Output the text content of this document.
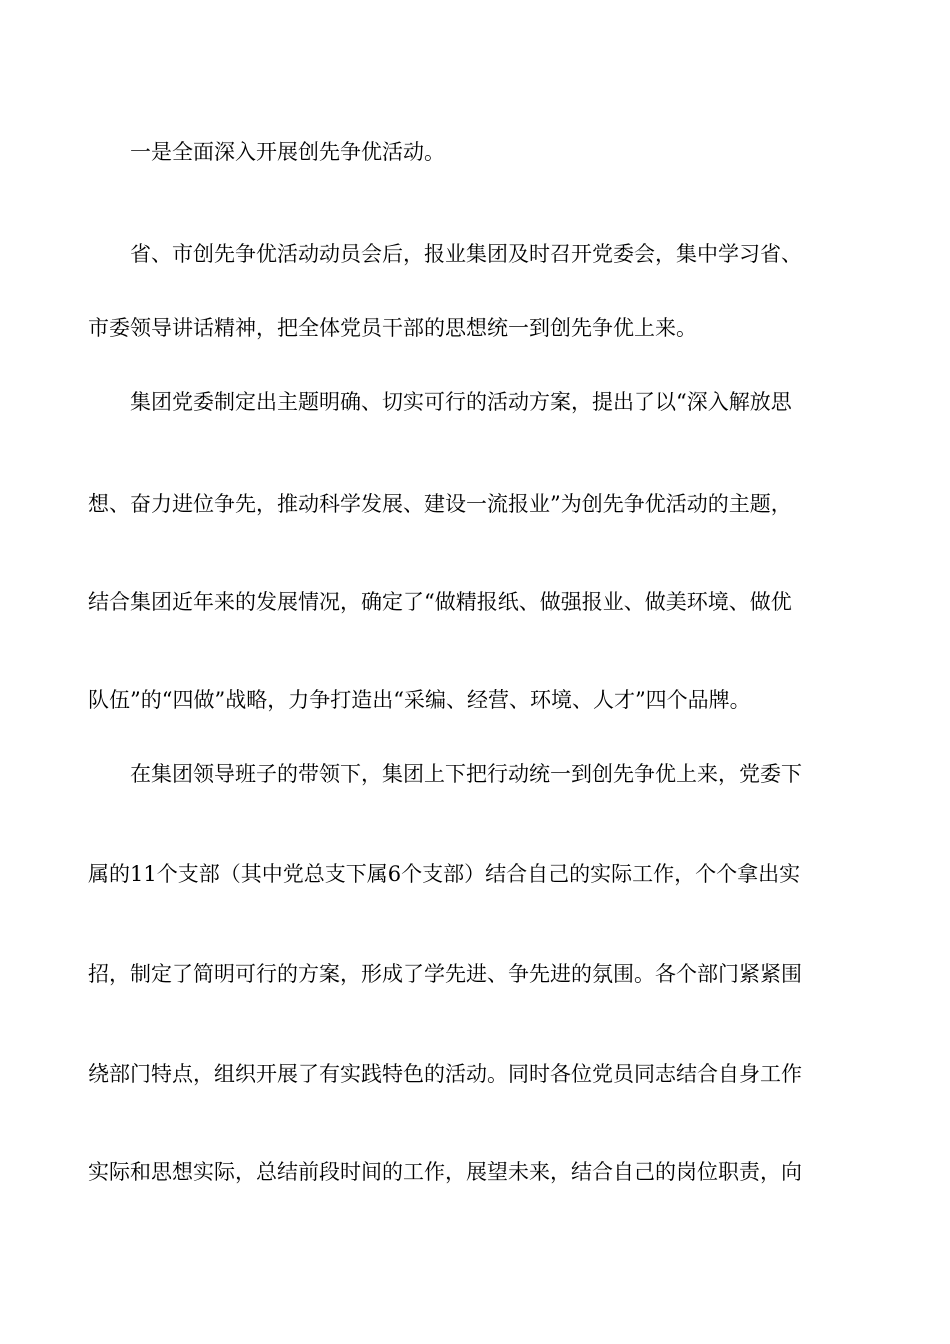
一是全面深入开展创先争优活动。
省、市创先争优活动动员会后，报业集团及时召开党委会，集中学习省、
市委领导讲话精神，把全体党员干部的思想统一到创先争优上来。
集团党委制定出主题明确、切实可行的活动方案，提出了以“深入解放思
想、奋力进位争先，推动科学发展、建设一流报业”为创先争优活动的主题，
结合集团近年来的发展情况，确定了“做精报纸、做强报业、做美环境、做优
队伍”的“四做”战略，力争打造出“采编、经营、环境、人才”四个品牌。
在集团领导班子的带领下，集团上下把行动统一到创先争优上来，党委下
属的11个支部（其中党总支下属6个支部）结合自己的实际工作，个个拿出实
招，制定了简明可行的方案，形成了学先进、争先进的氛围。各个部门紧紧围
绕部门特点，组织开展了有实践特色的活动。同时各位党员同志结合自身工作
实际和思想实际，总结前段时间的工作，展望未来，结合自己的岗位职责，向
